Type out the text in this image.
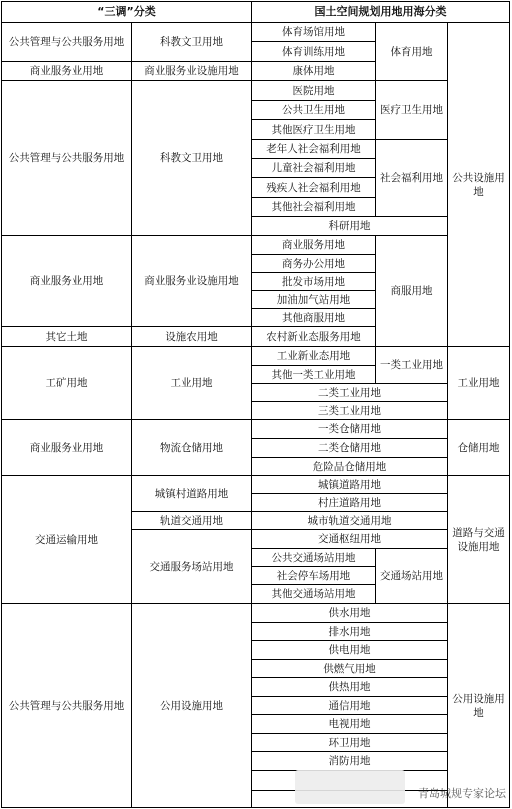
“三调”分类	国土空间规划用地用海分类
公共管理与公共服务用地
商业服务业用地
公共管理与公共服务用地
商业服务业用地
其它土地
工矿用地
商业服务业用地
交通运输用地
公共管理与公共服务用地
科教文卫用地
商业服务业设施用地
科教文卫用地
商业服务业设施用地
设施农用地
工业用地
物流仓储用地
城镇村道路用地
轨道交通用地
交通服务场站用地
公用设施用地
体育场馆用地
体育训练用地
康体用地
医院用地
公共卫生用地
其他医疗卫生用地
老年人社会福利用地
儿童社会福利用地
残疾人社会福利用地
其他社会福利用地
科研用地
商业服务用地
商务办公用地
批发市场用地
加油加气站用地
其他商服用地
农村新业态服务用地
工业新业态用地
其他一类工业用地
二类工业用地
三类工业用地
一类仓储用地
二类仓储用地
危险品仓储用地
城镇道路用地
村庄道路用地
城市轨道交通用地
交通枢纽用地
公共交通场站用地
社会停车场用地
其他交通场站用地
供水用地
排水用地
供电用地
供燃气用地
供热用地
通信用地
电视用地
环卫用地
消防用地
体育用地
医疗卫生用地
社会福利用地
商服用地
一类工业用地
交通场站用地
公共设施用地
工业用地
仓储用地
道路与交通设施用地
公用设施用地
青岛城规专家论坛
